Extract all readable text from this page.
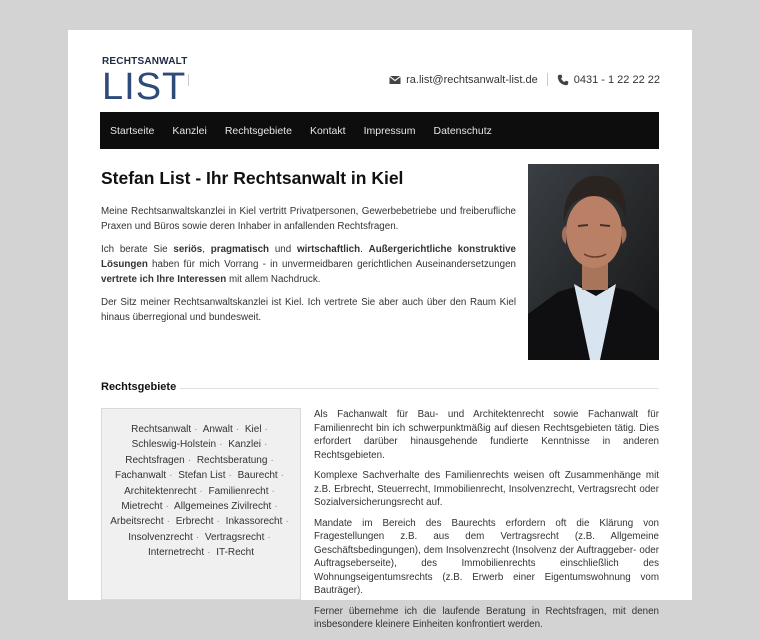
RECHTSANWALT
LIST	ra.list@rechtsanwalt-list.de	0431 - 1 22 22 22
Startseite	Kanzlei	Rechtsgebiete	Kontakt	Impressum	Datenschutz
Stefan List - Ihr Rechtsanwalt in Kiel

Meine Rechtsanwaltskanzlei in Kiel vertritt Privatpersonen, Gewerbebetriebe und freiberufliche Praxen und Büros sowie deren Inhaber in anfallenden Rechtsfragen.

Ich berate Sie seriös, pragmatisch und wirtschaftlich. Außergerichtliche konstruktive Lösungen haben für mich Vorrang - in unvermeidbaren gerichtlichen Auseinandersetzungen vertrete ich Ihre Interessen mit allem Nachdruck.

Der Sitz meiner Rechtsanwaltskanzlei ist Kiel. Ich vertrete Sie aber auch über den Raum Kiel hinaus überregional und bundesweit.

Rechtsgebiete
Rechtsanwalt · Anwalt · Kiel · Schleswig-Holstein · Kanzlei · Rechtsfragen · Rechtsberatung · Fachanwalt · Stefan List · Baurecht · Architektenrecht · Familienrecht · Mietrecht · Allgemeines Zivilrecht · Arbeitsrecht · Erbrecht · Inkassorecht · Insolvenzrecht · Vertragsrecht · Internetrecht · IT-Recht

Als Fachanwalt für Bau- und Architektenrecht sowie Fachanwalt für Familienrecht bin ich schwerpunktmäßig auf diesen Rechtsgebieten tätig. Dies erfordert darüber hinausgehende fundierte Kenntnisse in anderen Rechtsgebieten.

Komplexe Sachverhalte des Familienrechts weisen oft Zusammenhänge mit z.B. Erbrecht, Steuerrecht, Immobilienrecht, Insolvenzrecht, Vertragsrecht oder Sozialversicherungsrecht auf.

Mandate im Bereich des Baurechts erfordern oft die Klärung von Fragestellungen z.B. aus dem Vertragsrecht (z.B. Allgemeine Geschäftsbedingungen), dem Insolvenzrecht (Insolvenz der Auftraggeber- oder Auftragseberseite), des Immobilienrechts einschließlich des Wohnungseigentumsrechts (z.B. Erwerb einer Eigentumswohnung vom Bauträger).

Ferner übernehme ich die laufende Beratung in Rechtsfragen, mit denen insbesondere kleinere Einheiten konfrontiert werden.
